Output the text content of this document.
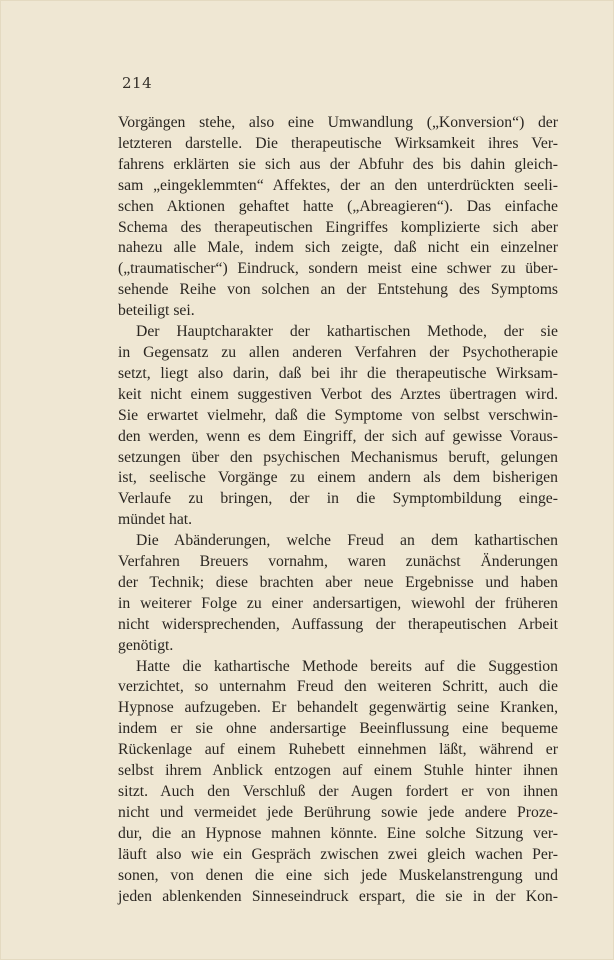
214
Vorgängen stehe, also eine Umwandlung („Konversion“) der
letzteren darstelle. Die therapeutische Wirksamkeit ihres Ver-
fahrens erklärten sie sich aus der Abfuhr des bis dahin gleich-
sam „eingeklemmten“ Affektes, der an den unterdrückten seeli-
schen Aktionen gehaftet hatte („Abreagieren“). Das einfache
Schema des therapeutischen Eingriffes komplizierte sich aber
nahezu alle Male, indem sich zeigte, daß nicht ein einzelner
(„traumatischer“) Eindruck, sondern meist eine schwer zu über-
sehende Reihe von solchen an der Entstehung des Symptoms
beteiligt sei.
Der Hauptcharakter der kathartischen Methode, der sie
in Gegensatz zu allen anderen Verfahren der Psychotherapie
setzt, liegt also darin, daß bei ihr die therapeutische Wirksam-
keit nicht einem suggestiven Verbot des Arztes übertragen wird.
Sie erwartet vielmehr, daß die Symptome von selbst verschwin-
den werden, wenn es dem Eingriff, der sich auf gewisse Voraus-
setzungen über den psychischen Mechanismus beruft, gelungen
ist, seelische Vorgänge zu einem andern als dem bisherigen
Verlaufe zu bringen, der in die Symptombildung einge-
mündet hat.
Die Abänderungen, welche Freud an dem kathartischen
Verfahren Breuers vornahm, waren zunächst Änderungen
der Technik; diese brachten aber neue Ergebnisse und haben
in weiterer Folge zu einer andersartigen, wiewohl der früheren
nicht widersprechenden, Auffassung der therapeutischen Arbeit
genötigt.
Hatte die kathartische Methode bereits auf die Suggestion
verzichtet, so unternahm Freud den weiteren Schritt, auch die
Hypnose aufzugeben. Er behandelt gegenwärtig seine Kranken,
indem er sie ohne andersartige Beeinflussung eine bequeme
Rückenlage auf einem Ruhebett einnehmen läßt, während er
selbst ihrem Anblick entzogen auf einem Stuhle hinter ihnen
sitzt. Auch den Verschluß der Augen fordert er von ihnen
nicht und vermeidet jede Berührung sowie jede andere Proze-
dur, die an Hypnose mahnen könnte. Eine solche Sitzung ver-
läuft also wie ein Gespräch zwischen zwei gleich wachen Per-
sonen, von denen die eine sich jede Muskelanstrengung und
jeden ablenkenden Sinneseindruck erspart, die sie in der Kon-
